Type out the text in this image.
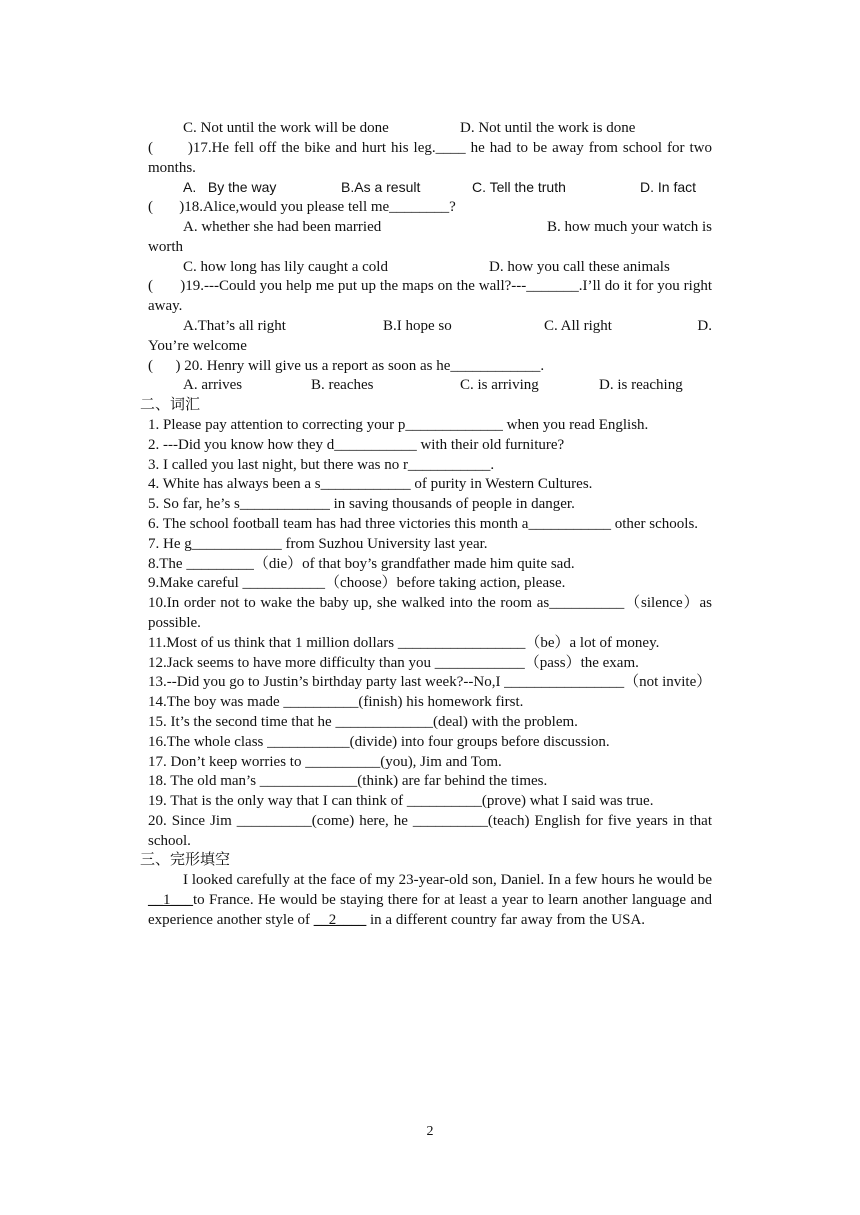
C. Not until the work will be done	D. Not until the work is done
(       )17.He fell off the bike and hurt his leg.____ he had to be away from school for two months.
A.   By the way	B.As a result	C. Tell the truth	D. In fact
(       )18.Alice,would you please tell me________?
A. whether she had been married	B. how much your watch is
worth
C. how long has lily caught a cold	D. how you call these animals
(       )19.---Could you help me put up the maps on the wall?---_______.I’ll do it for you right away.
A.That’s all right	B.I hope so	C. All right	D.
You’re welcome
(      ) 20. Henry will give us a report as soon as he____________.
A. arrives	B. reaches	C. is arriving	D. is reaching
二、词汇
1. Please pay attention to correcting your p_____________ when you read English.
2. ---Did you know how they d___________ with their old furniture?
3. I called you last night, but there was no r___________.
4. White has always been a s____________ of purity in Western Cultures.
5. So far, he’s s____________ in saving thousands of people in danger.
6. The school football team has had three victories this month a___________ other schools.
7. He g____________ from Suzhou University last year.
8.The _________（die）of that boy’s grandfather made him quite sad.
9.Make careful ___________（choose）before taking action, please.
10.In order not to wake the baby up, she walked into the room as__________（silence）as possible.
11.Most of us think that 1 million dollars _________________（be）a lot of money.
12.Jack seems to have more difficulty than you ____________（pass）the exam.
13.--Did you go to Justin’s birthday party last week?--No,I ________________（not invite）
14.The boy was made __________(finish) his homework first.
15. It’s the second time that he _____________(deal) with the problem.
16.The whole class ___________(divide) into four groups before discussion.
17. Don’t keep worries to __________(you), Jim and Tom.
18. The old man’s _____________(think) are far behind the times.
19. That is the only way that I can think of __________(prove) what I said was true.
20. Since Jim __________(come) here, he __________(teach) English for five years in that school.
三、完形填空
I looked carefully at the face of my 23-year-old son, Daniel. In a few hours he would be __1___to France. He would be staying there for at least a year to learn another language and experience another style of __2____ in a different country far away from the USA.
2
